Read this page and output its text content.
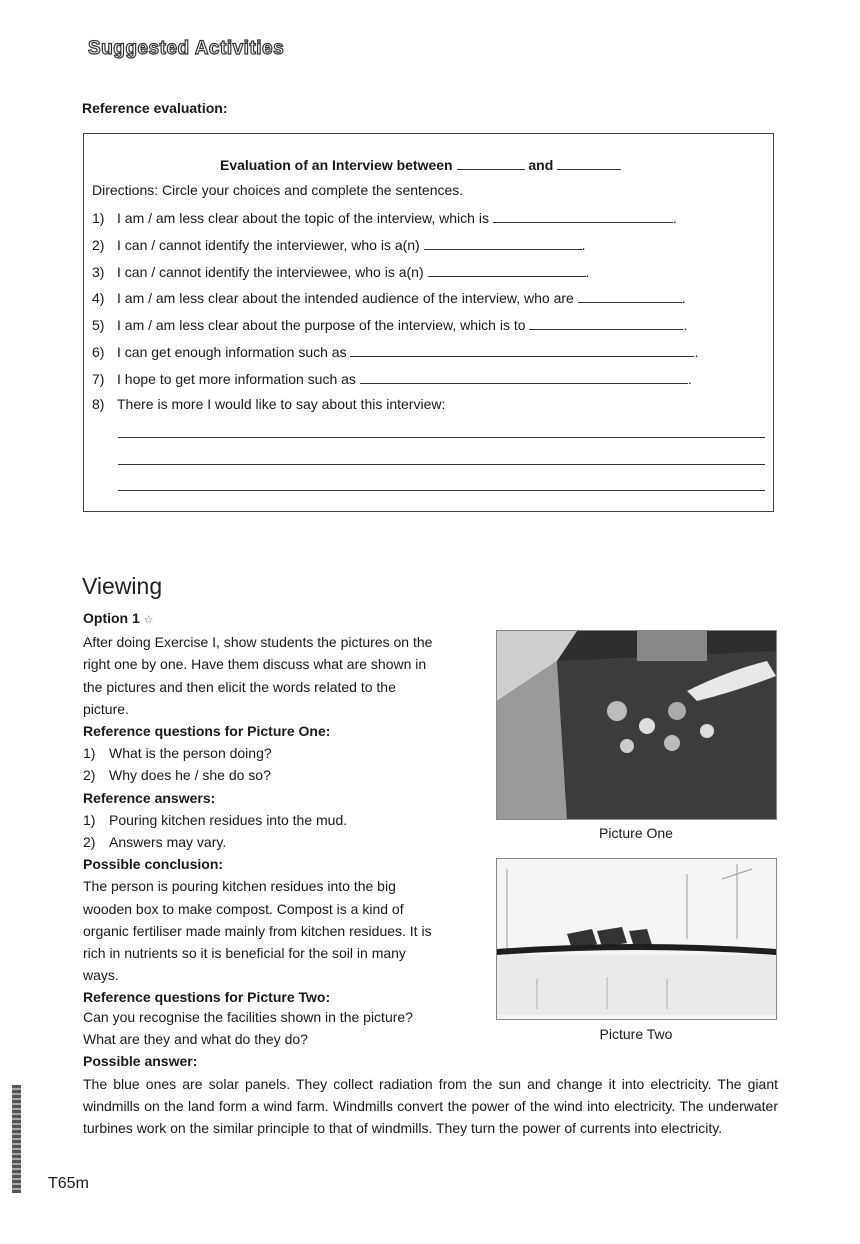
Suggested Activities
Reference evaluation:
Evaluation of an Interview between	and
Directions: Circle your choices and complete the sentences.
1) I am / am less clear about the topic of the interview, which is	.
2) I can / cannot identify the interviewer, who is a(n)	.
3) I can / cannot identify the interviewee, who is a(n)	.
4) I am / am less clear about the intended audience of the interview, who are	.
5) I am / am less clear about the purpose of the interview, which is to	.
6) I can get enough information such as	.
7) I hope to get more information such as	.
8) There is more I would like to say about this interview:
Viewing

Option 1 ☆

After doing Exercise I, show students the pictures on the right one by one. Have them discuss what are shown in the pictures and then elicit the words related to the picture.

Reference questions for Picture One:

1) What is the person doing?

2) Why does he / she do so?

Reference answers:

1) Pouring kitchen residues into the mud.

2) Answers may vary.

Possible conclusion:

The person is pouring kitchen residues into the big wooden box to make compost. Compost is a kind of organic fertiliser made mainly from kitchen residues. It is rich in nutrients so it is beneficial for the soil in many ways.

Reference questions for Picture Two:

Can you recognise the facilities shown in the picture?

What are they and what do they do?

Possible answer:

The blue ones are solar panels. They collect radiation from the sun and change it into electricity. The giant windmills on the land form a wind farm. Windmills convert the power of the wind into electricity. The underwater turbines work on the similar principle to that of windmills. They turn the power of currents into electricity.

Picture One
Picture Two
T65m
